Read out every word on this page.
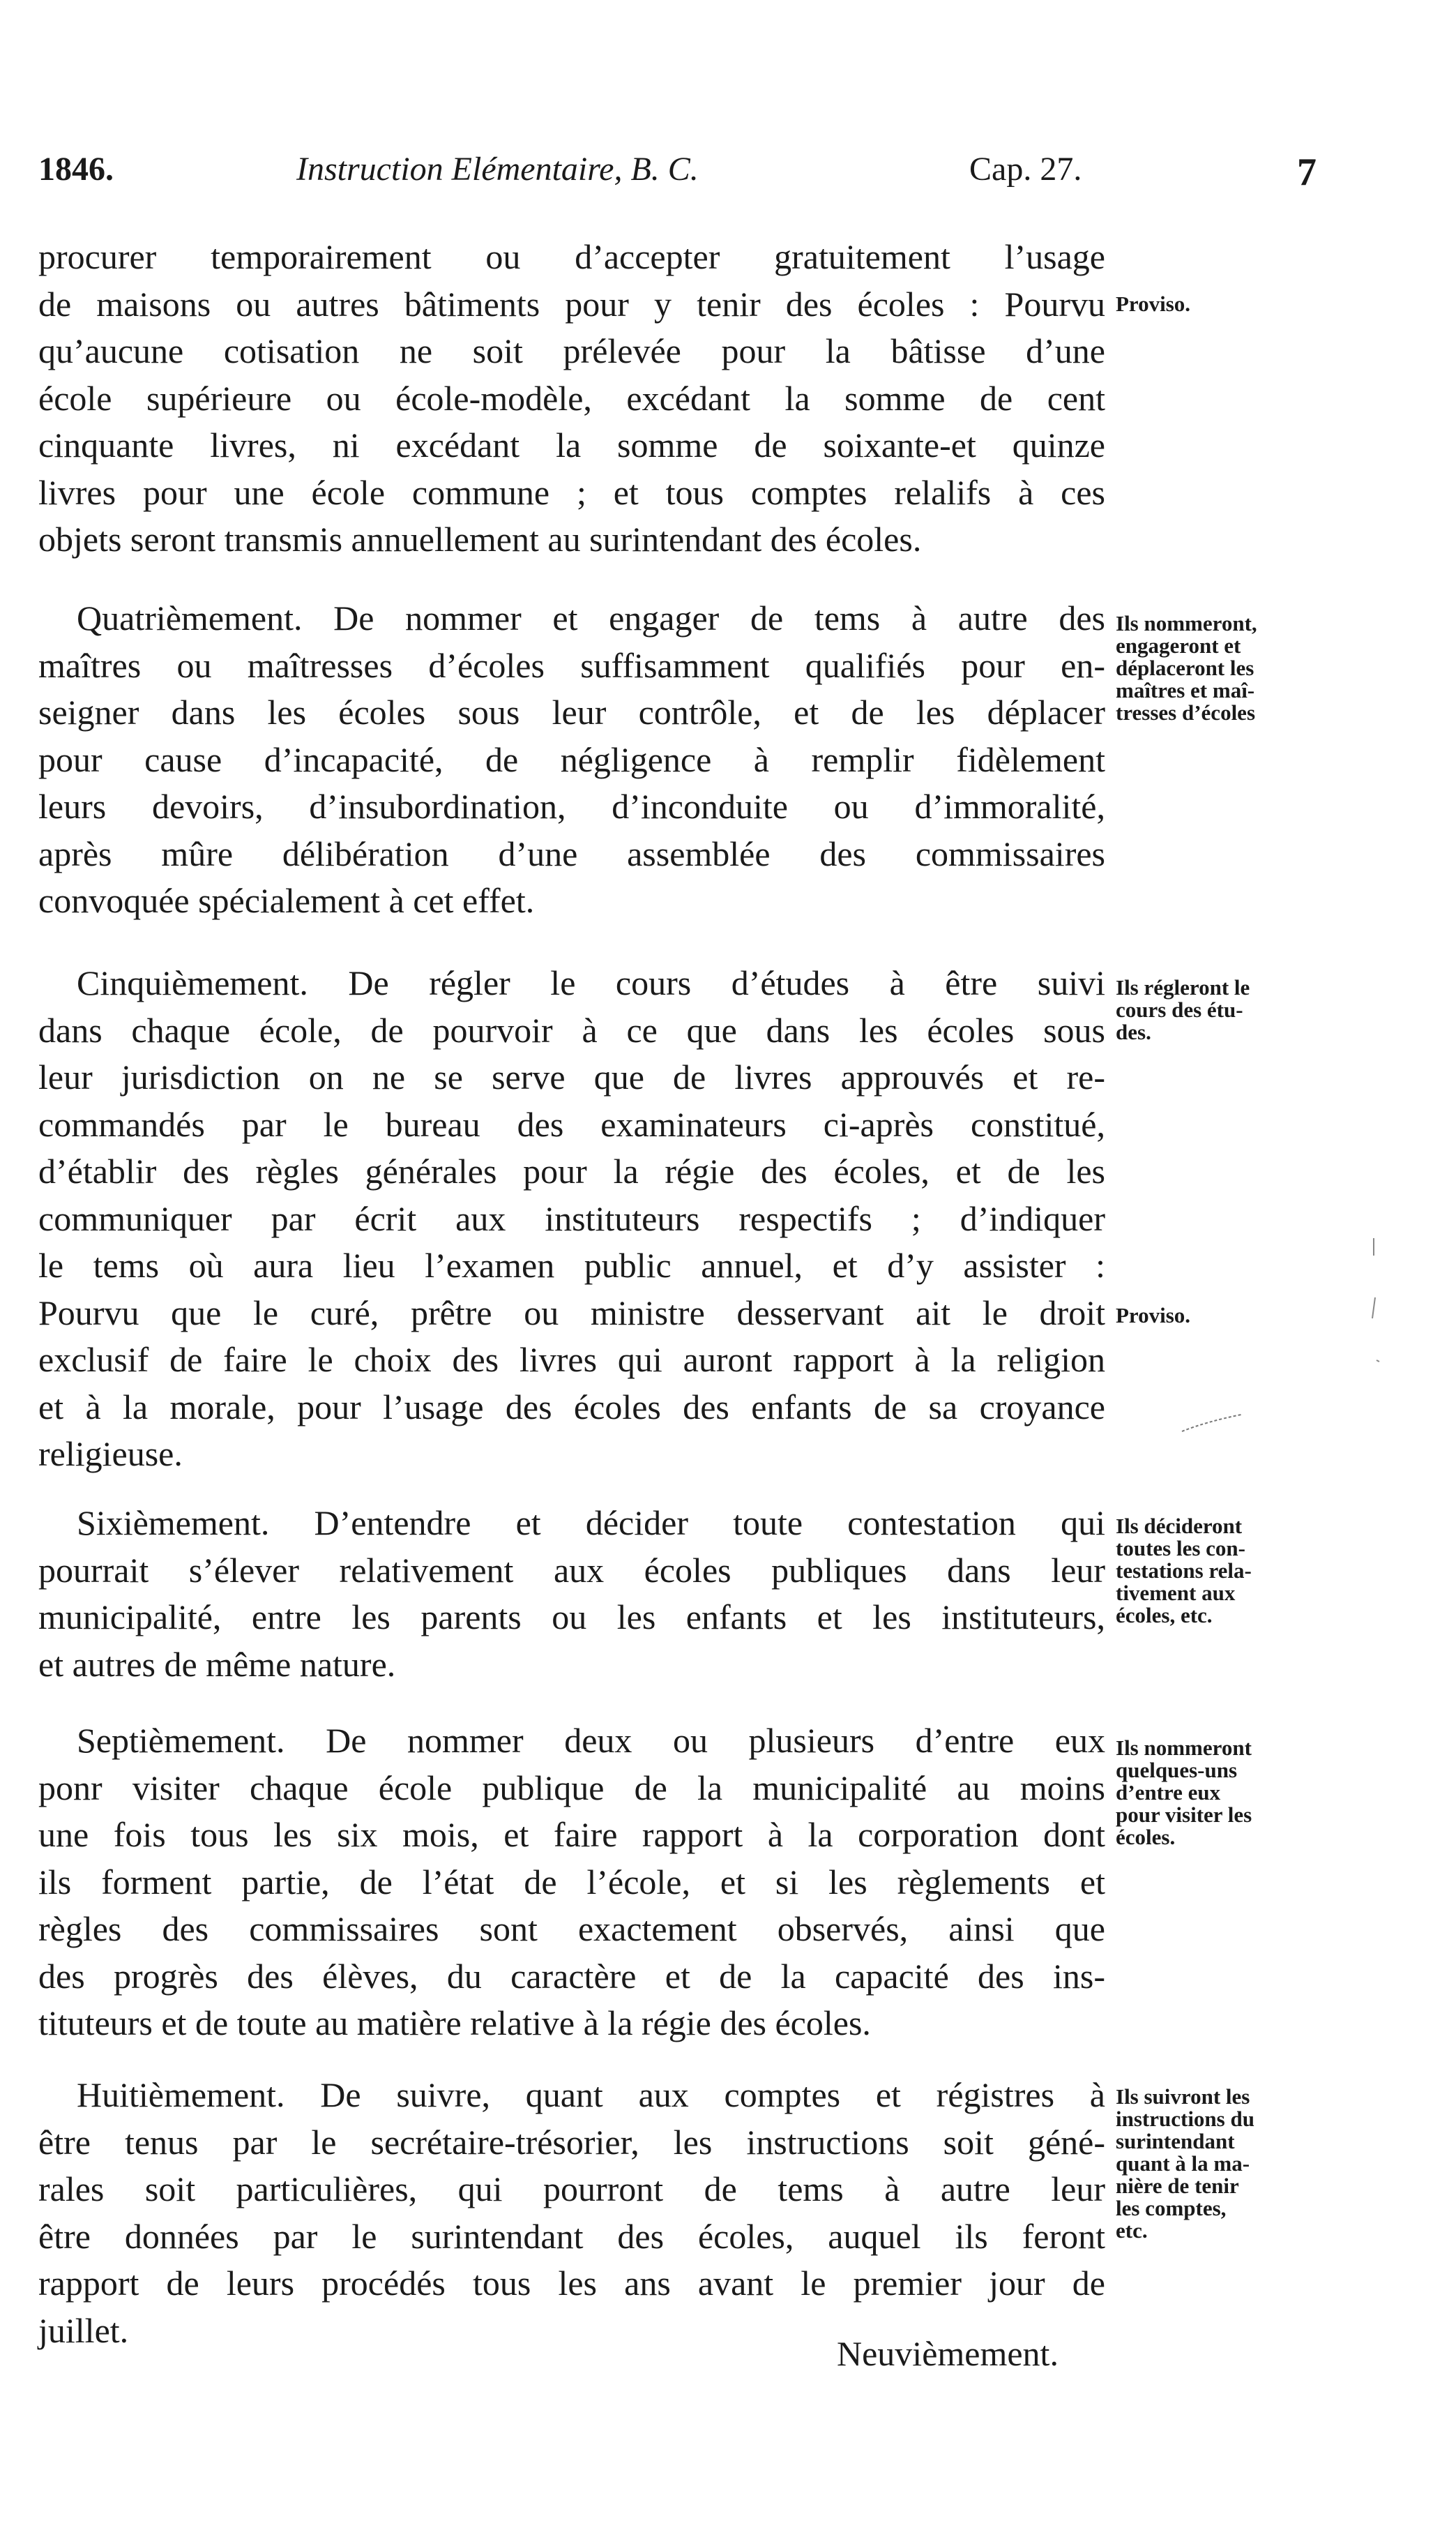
1846.	Instruction Elémentaire, B. C.	Cap. 27.	7

procurer temporairement ou d’accepter gratuitement l’usage
de maisons ou autres bâtiments pour y tenir des écoles : Pourvu
qu’aucune cotisation ne soit prélevée pour la bâtisse d’une
école supérieure ou école-modèle, excédant la somme de cent
cinquante livres, ni excédant la somme de soixante-et quinze
livres pour une école commune ; et tous comptes relalifs à ces
objets seront transmis annuellement au surintendant des écoles.

Quatrièmement. De nommer et engager de tems à autre des
maîtres ou maîtresses d’écoles suffisamment qualifiés pour en-
seigner dans les écoles sous leur contrôle, et de les déplacer
pour cause d’incapacité, de négligence à remplir fidèlement
leurs devoirs, d’insubordination, d’inconduite ou d’immoralité,
après mûre délibération d’une assemblée des commissaires
convoquée spécialement à cet effet.

Cinquièmement. De régler le cours d’études à être suivi
dans chaque école, de pourvoir à ce que dans les écoles sous
leur jurisdiction on ne se serve que de livres approuvés et re-
commandés par le bureau des examinateurs ci-après constitué,
d’établir des règles générales pour la régie des écoles, et de les
communiquer par écrit aux instituteurs respectifs ; d’indiquer
le tems où aura lieu l’examen public annuel, et d’y assister :
Pourvu que le curé, prêtre ou ministre desservant ait le droit
exclusif de faire le choix des livres qui auront rapport à la religion
et à la morale, pour l’usage des écoles des enfants de sa croyance
religieuse.

Sixièmement. D’entendre et décider toute contestation qui
pourrait s’élever relativement aux écoles publiques dans leur
municipalité, entre les parents ou les enfants et les instituteurs,
et autres de même nature.

Septièmement. De nommer deux ou plusieurs d’entre eux
ponr visiter chaque école publique de la municipalité au moins
une fois tous les six mois, et faire rapport à la corporation dont
ils forment partie, de l’état de l’école, et si les règlements et
règles des commissaires sont exactement observés, ainsi que
des progrès des élèves, du caractère et de la capacité des ins-
tituteurs et de toute au matière relative à la régie des écoles.

Huitièmement. De suivre, quant aux comptes et régistres à
être tenus par le secrétaire-trésorier, les instructions soit géné-
rales soit particulières, qui pourront de tems à autre leur
être données par le surintendant des écoles, auquel ils feront
rapport de leurs procédés tous les ans avant le premier jour de
juillet.

Proviso.
Ils nommeront,
engageront et
déplaceront les
maîtres et maî-
tresses d’écoles
Ils régleront le
cours des étu-
des.
Proviso.
Ils décideront
toutes les con-
testations rela-
tivement aux
écoles, etc.
Ils nommeront
quelques-uns
d’entre eux
pour visiter les
écoles.
Ils suivront les
instructions du
surintendant
quant à la ma-
nière de tenir
les comptes,
etc.
Neuvièmement.
